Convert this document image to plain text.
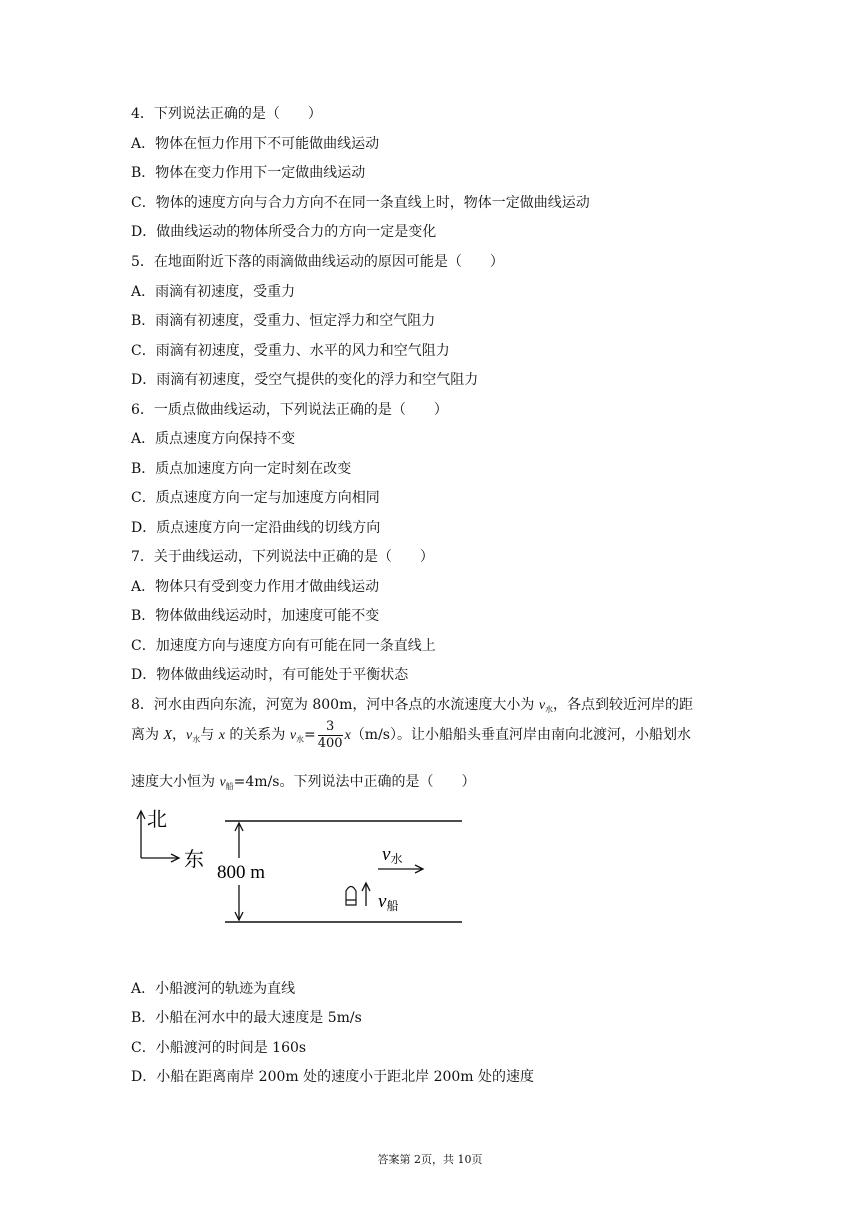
4．下列说法正确的是（　　）
A．物体在恒力作用下不可能做曲线运动
B．物体在变力作用下一定做曲线运动
C．物体的速度方向与合力方向不在同一条直线上时，物体一定做曲线运动
D．做曲线运动的物体所受合力的方向一定是变化
5．在地面附近下落的雨滴做曲线运动的原因可能是（　　）
A．雨滴有初速度，受重力
B．雨滴有初速度，受重力、恒定浮力和空气阻力
C．雨滴有初速度，受重力、水平的风力和空气阻力
D．雨滴有初速度，受空气提供的变化的浮力和空气阻力
6．一质点做曲线运动，下列说法正确的是（　　）
A．质点速度方向保持不变
B．质点加速度方向一定时刻在改变
C．质点速度方向一定与加速度方向相同
D．质点速度方向一定沿曲线的切线方向
7．关于曲线运动，下列说法中正确的是（　　）
A．物体只有受到变力作用才做曲线运动
B．物体做曲线运动时，加速度可能不变
C．加速度方向与速度方向有可能在同一条直线上
D．物体做曲线运动时，有可能处于平衡状态
8．河水由西向东流，河宽为 800m，河中各点的水流速度大小为 $v_水$，各点到较近河岸的距
离为 X，$v_水$与 x 的关系为 $v_水= \frac{3}{400} x(m/s)$。让小船船头垂直河岸由南向北渡河，小船划水
速度大小恒为 $v_船=4m/s$。下列说法中正确的是（　　）
北
东
800 m
v水
v船
A．小船渡河的轨迹为直线
B．小船在河水中的最大速度是 5m/s
C．小船渡河的时间是 160s
D．小船在距离南岸 200m 处的速度小于距北岸 200m 处的速度
答案第 2页，共 10页
